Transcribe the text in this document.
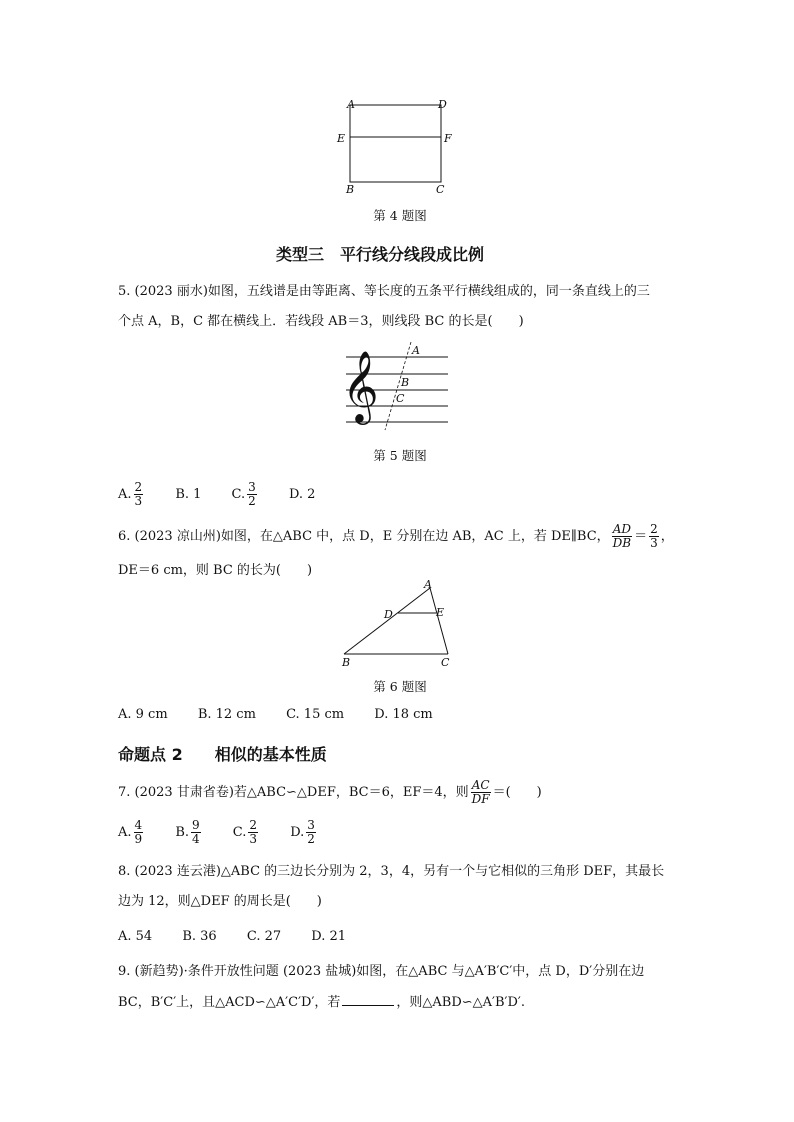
A	D
E	F
B	C
第 4 题图
类型三　平行线分线段成比例
5. (2023 丽水)如图，五线谱是由等距离、等长度的五条平行横线组成的，同一条直线上的三
个点 A，B，C 都在横线上．若线段 AB＝3，则线段 BC 的长是(　　)
A
B
C
𝄞
第 5 题图
A. $\frac{2}{3} B$. 1 C. $\frac{3}{2} D$. 2
6. (2023 凉山州)如图，在△ABC 中，点 D，E 分别在边 AB，AC 上，若 DE∥BC， $\frac{AD}{DB} = \frac{2}{3}$ ，
DE＝6 cm，则 BC 的长为(　　)
A
D	E
B	C
第 6 题图
A. 9 cm B. 12 cm C. 15 cm D. 18 cm
命题点 2　　相似的基本性质
7. (2023 甘肃省卷)若△ABC∽△DEF，BC＝6，EF＝4，则 $\frac{AC}{DF}$ ＝(　　)
A. $\frac{4}{9} B$. $\frac{9}{4} C$. $\frac{2}{3} D$. $\frac{3}{2}$
8. (2023 连云港)△ABC 的三边长分别为 2，3，4，另有一个与它相似的三角形 DEF，其最长
边为 12，则△DEF 的周长是(　　)
A. 54 B. 36 C. 27 D. 21
9. (新趋势)·条件开放性问题 (2023 盐城)如图，在△ABC 与△A′B′C′中，点 D，D′分别在边
BC，B′C′上，且△ACD∽△A′C′D′，若	，则△ABD∽△A′B′D′.
